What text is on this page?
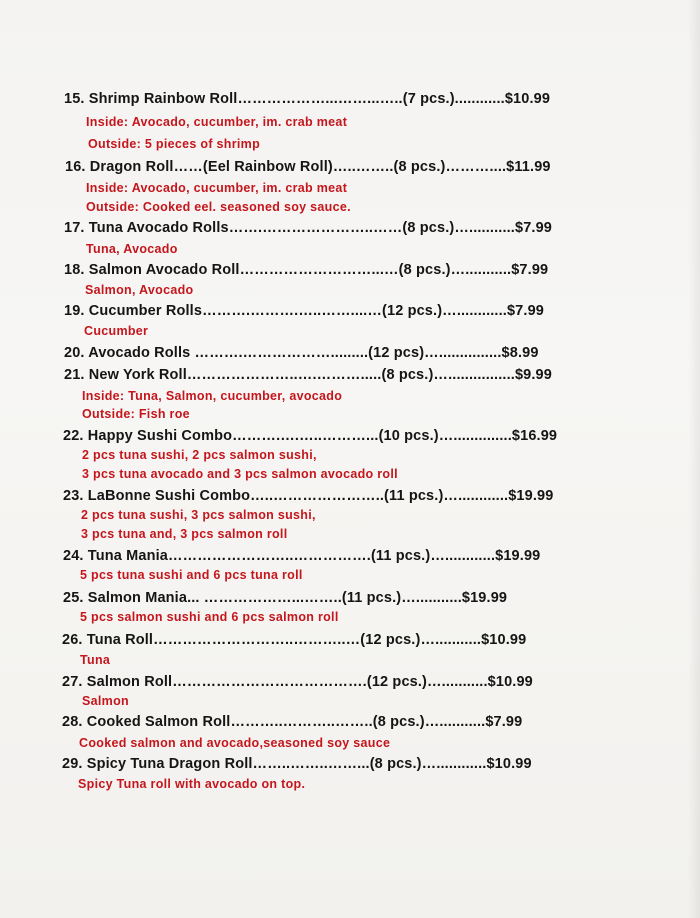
15. Shrimp Rainbow Roll………………...……...…..(7 pcs.)............$10.99
Inside: Avocado, cucumber, im. crab meat
Outside: 5 pieces of shrimp
16. Dragon Roll……(Eel Rainbow Roll)…..……..(8 pcs.)………....$11.99
Inside: Avocado, cucumber, im. crab meat
Outside: Cooked eel. seasoned soy sauce.
17. Tuna Avocado Rolls…….…………………..……(8 pcs.)…...........$7.99
Tuna, Avocado
18. Salmon Avocado Roll………………………...…(8 pcs.)…...........$7.99
Salmon, Avocado
19. Cucumber Rolls……….……….…..……....…(12 pcs.)…............$7.99
Cucumber
20. Avocado Rolls ……….……………….........(12 pcs)…...............$8.99
21. New York Roll…………………..….……….....(8 pcs.)…................$9.99
Inside: Tuna, Salmon, cucumber, avocado
Outside: Fish roe
22. Happy Sushi Combo……….….…..………...(10 pcs.)…..............$16.99
2 pcs tuna sushi, 2 pcs salmon sushi,
3 pcs tuna avocado and 3 pcs salmon avocado roll
23. LaBonne Sushi Combo…..…………………..(11 pcs.)…............$19.99
2 pcs tuna sushi, 3 pcs salmon sushi,
3 pcs tuna and, 3 pcs salmon roll
24. Tuna Mania……………………..…………….(11 pcs.)…............$19.99
5 pcs tuna sushi and 6 pcs tuna roll
25. Salmon Mania... ………………...……..(11 pcs.)…...........$19.99
5 pcs salmon sushi and 6 pcs salmon roll
26. Tuna Roll………………………..………..…(12 pcs.)…...........$10.99
Tuna
27. Salmon Roll………………………………….(12 pcs.)…...........$10.99
Salmon
28. Cooked Salmon Roll………..………..……..(8 pcs.)…...........$7.99
Cooked salmon and avocado,seasoned soy sauce
29. Spicy Tuna Dragon Roll……..……..……...(8 pcs.)…............$10.99
Spicy Tuna roll with avocado on top.
